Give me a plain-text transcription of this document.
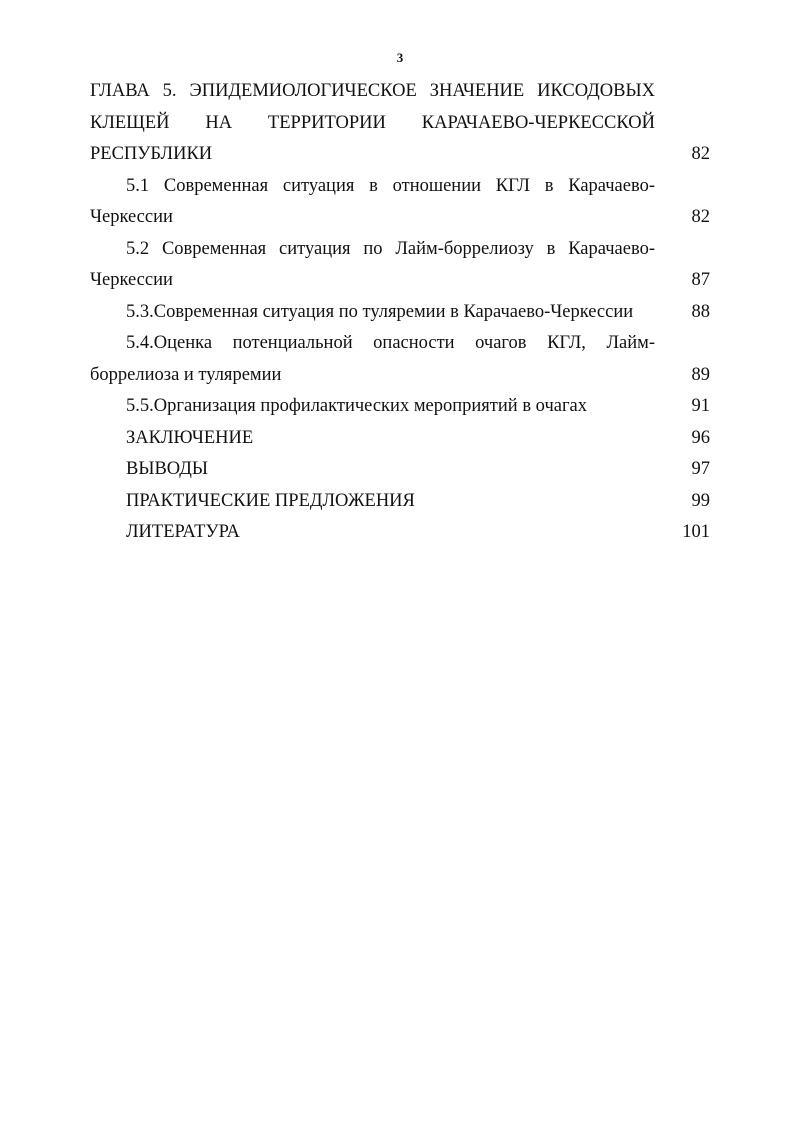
3
ГЛАВА 5. ЭПИДЕМИОЛОГИЧЕСКОЕ ЗНАЧЕНИЕ ИКСОДОВЫХ КЛЕЩЕЙ НА ТЕРРИТОРИИ КАРАЧАЕВО-ЧЕРКЕССКОЙ РЕСПУБЛИКИ	82
5.1 Современная ситуация в отношении КГЛ в Карачаево-Черкессии	82
5.2 Современная ситуация по Лайм-боррелиозу в Карачаево-Черкессии	87
5.3.Современная ситуация по туляремии в Карачаево-Черкессии	88
5.4.Оценка потенциальной опасности очагов КГЛ, Лайм-боррелиоза и туляремии	89
5.5.Организация профилактических мероприятий в очагах	91
ЗАКЛЮЧЕНИЕ	96
ВЫВОДЫ	97
ПРАКТИЧЕСКИЕ ПРЕДЛОЖЕНИЯ	99
ЛИТЕРАТУРА	101
